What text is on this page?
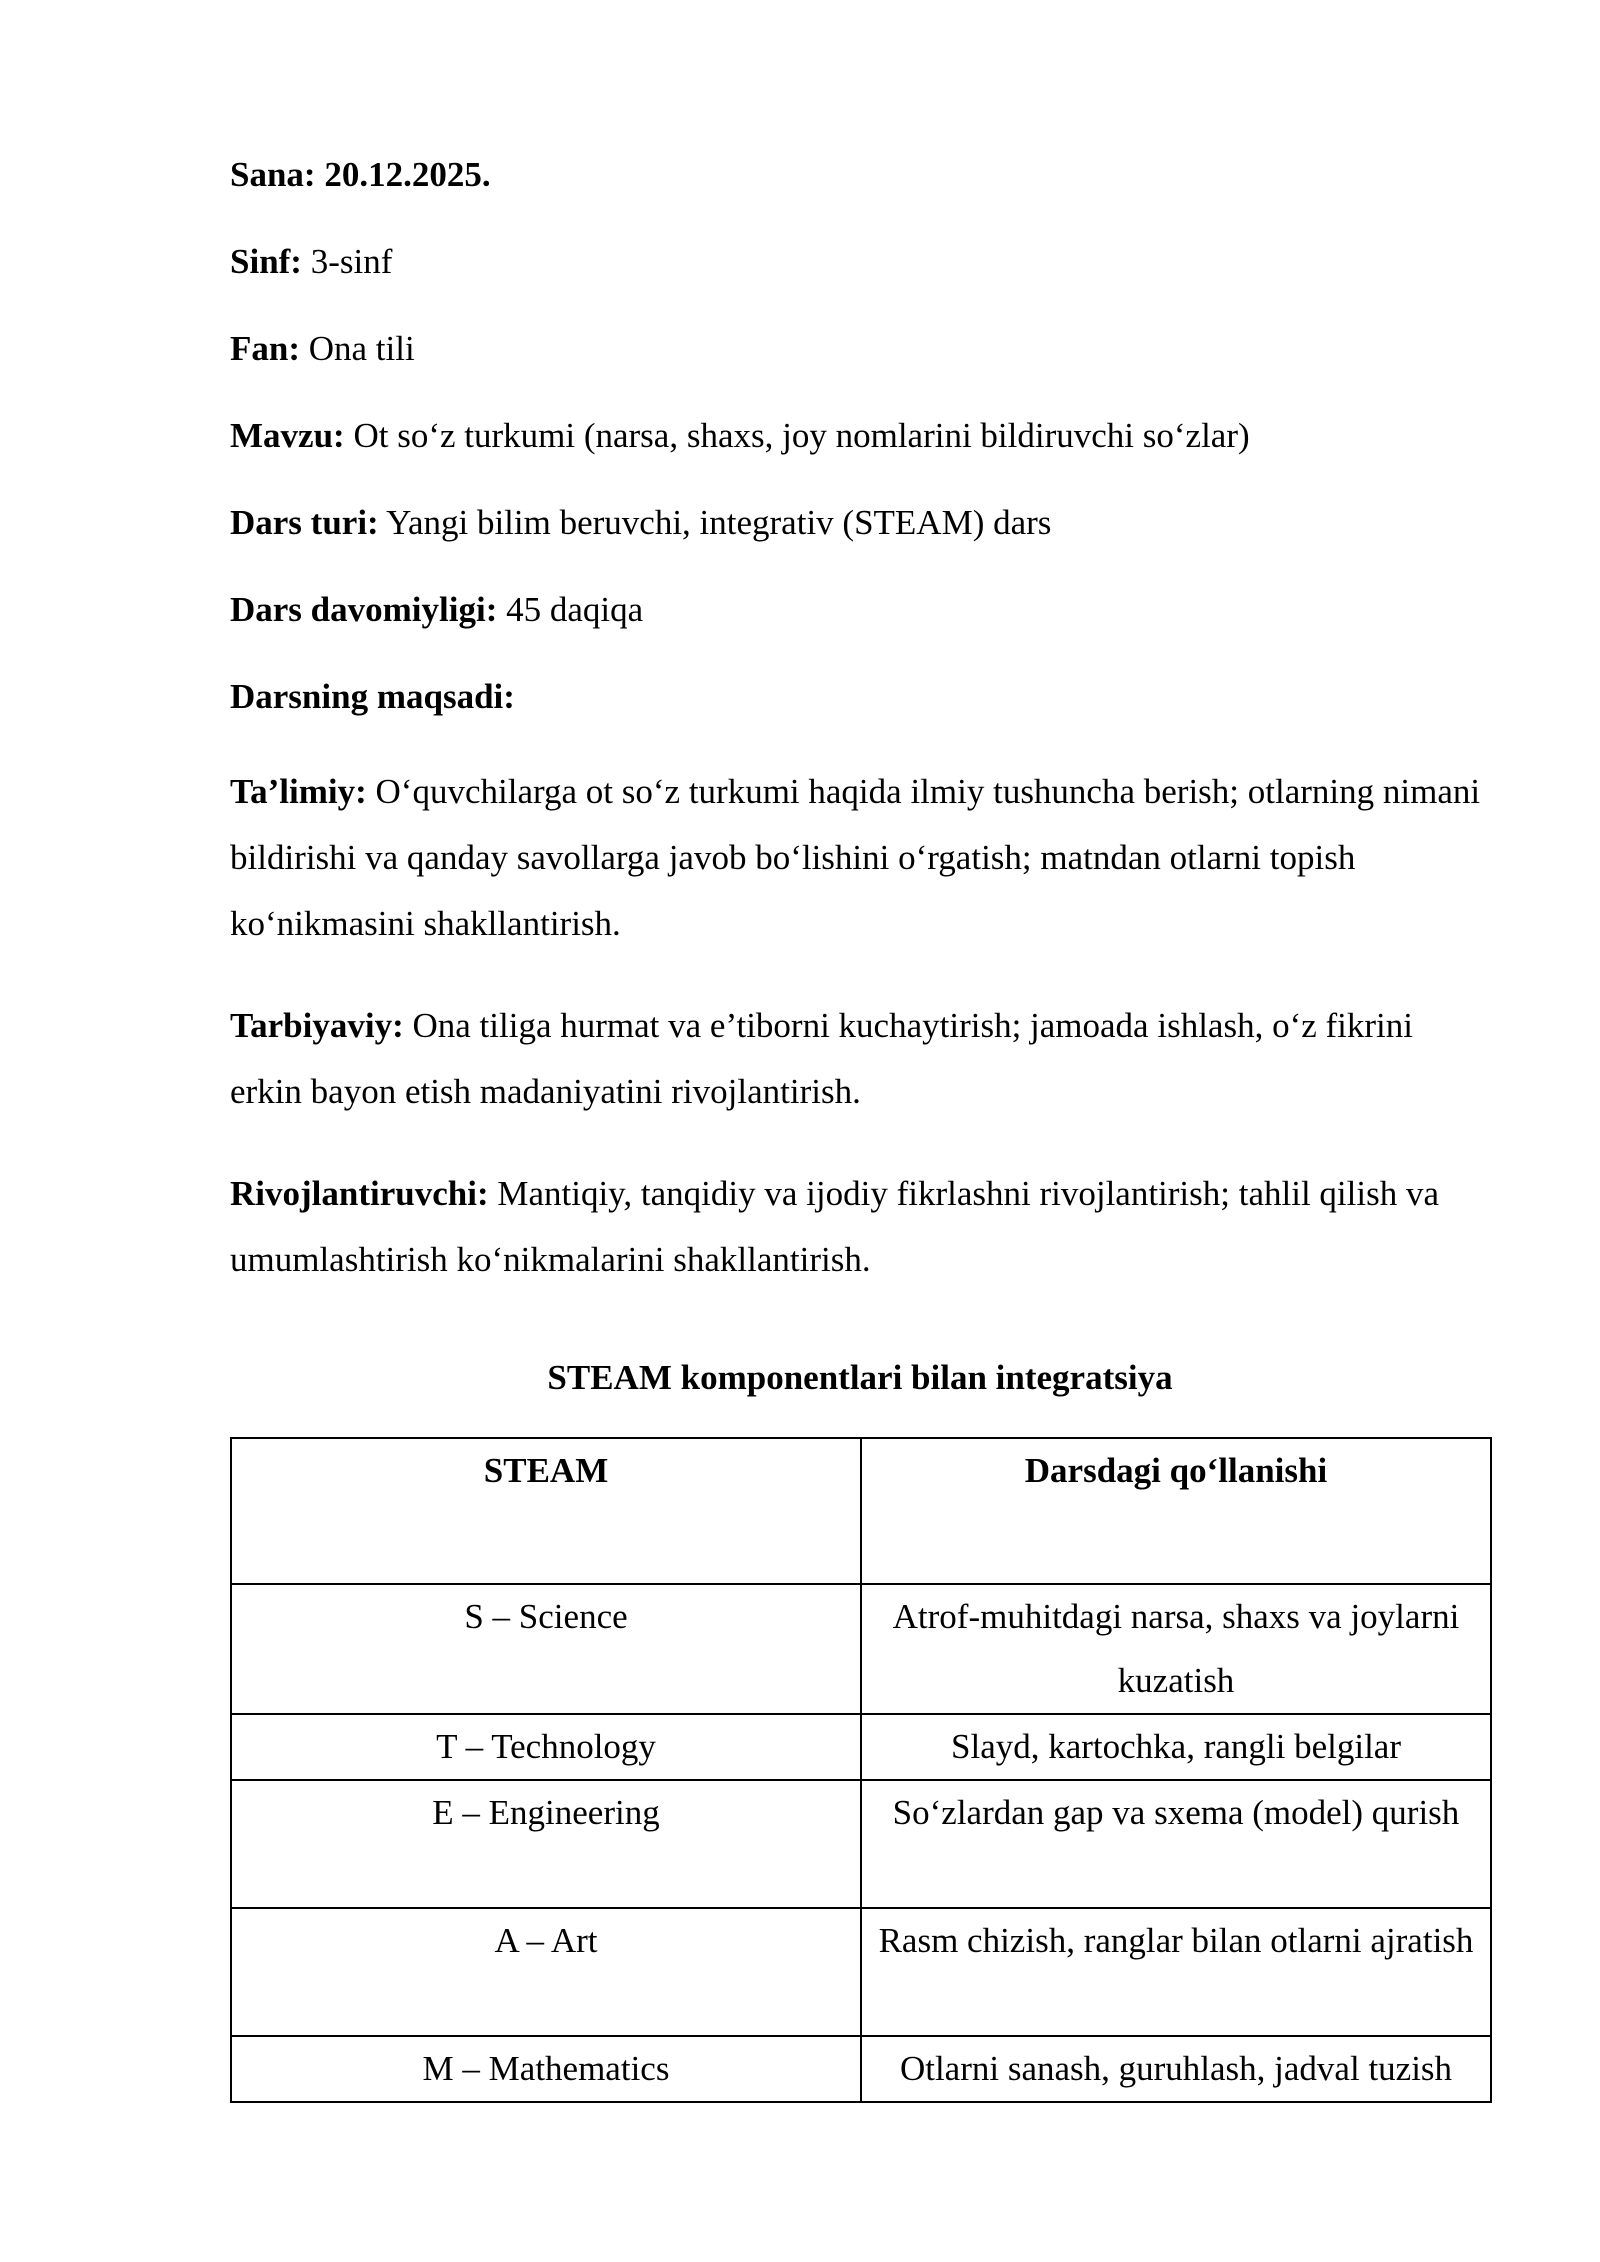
Sana: 20.12.2025.
Sinf: 3-sinf
Fan: Ona tili
Mavzu: Ot so‘z turkumi (narsa, shaxs, joy nomlarini bildiruvchi so‘zlar)
Dars turi: Yangi bilim beruvchi, integrativ (STEAM) dars
Dars davomiyligi: 45 daqiqa
Darsning maqsadi:
Ta’limiy: O‘quvchilarga ot so‘z turkumi haqida ilmiy tushuncha berish; otlarning nimani bildirishi va qanday savollarga javob bo‘lishini o‘rgatish; matndan otlarni topish ko‘nikmasini shakllantirish.
Tarbiyaviy: Ona tiliga hurmat va e’tiborni kuchaytirish; jamoada ishlash, o‘z fikrini erkin bayon etish madaniyatini rivojlantirish.
Rivojlantiruvchi: Mantiqiy, tanqidiy va ijodiy fikrlashni rivojlantirish; tahlil qilish va umumlashtirish ko‘nikmalarini shakllantirish.
STEAM komponentlari bilan integratsiya
STEAM	Darsdagi qo‘llanishi
S – Science	Atrof-muhitdagi narsa, shaxs va joylarni kuzatish
T – Technology	Slayd, kartochka, rangli belgilar
E – Engineering	So‘zlardan gap va sxema (model) qurish
A – Art	Rasm chizish, ranglar bilan otlarni ajratish
M – Mathematics	Otlarni sanash, guruhlash, jadval tuzish
